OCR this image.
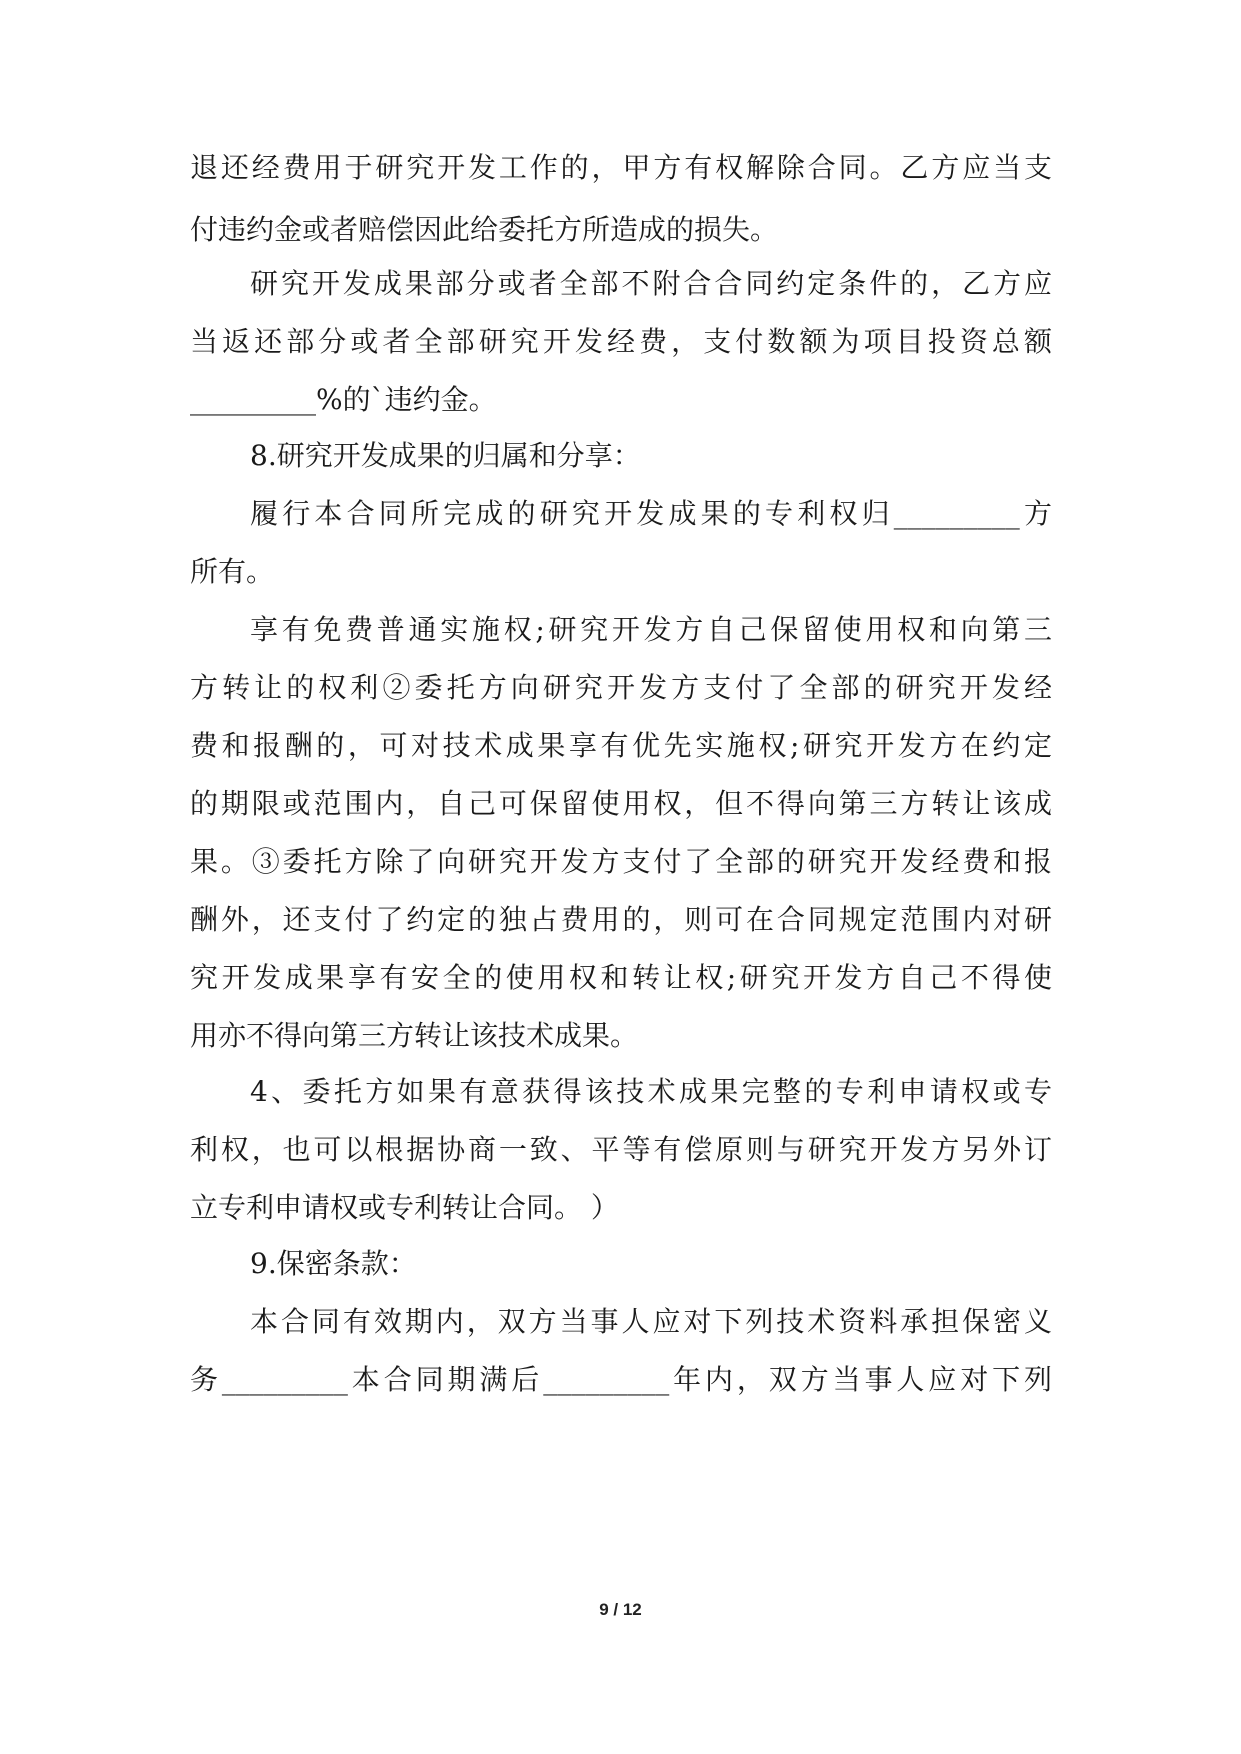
退还经费用于研究开发工作的，甲方有权解除合同。乙方应当支
付违约金或者赔偿因此给委托方所造成的损失。
研究开发成果部分或者全部不附合合同约定条件的，乙方应
当返还部分或者全部研究开发经费，支付数额为项目投资总额
_________%的`违约金。
8.研究开发成果的归属和分享：
履行本合同所完成的研究开发成果的专利权归_________方
所有。
享有免费普通实施权;研究开发方自己保留使用权和向第三
方转让的权利②委托方向研究开发方支付了全部的研究开发经
费和报酬的，可对技术成果享有优先实施权;研究开发方在约定
的期限或范围内，自己可保留使用权，但不得向第三方转让该成
果。③委托方除了向研究开发方支付了全部的研究开发经费和报
酬外，还支付了约定的独占费用的，则可在合同规定范围内对研
究开发成果享有安全的使用权和转让权;研究开发方自己不得使
用亦不得向第三方转让该技术成果。
4、委托方如果有意获得该技术成果完整的专利申请权或专
利权，也可以根据协商一致、平等有偿原则与研究开发方另外订
立专利申请权或专利转让合同。 ）
9.保密条款：
本合同有效期内，双方当事人应对下列技术资料承担保密义
务_________本合同期满后_________年内，双方当事人应对下列
9 / 12
